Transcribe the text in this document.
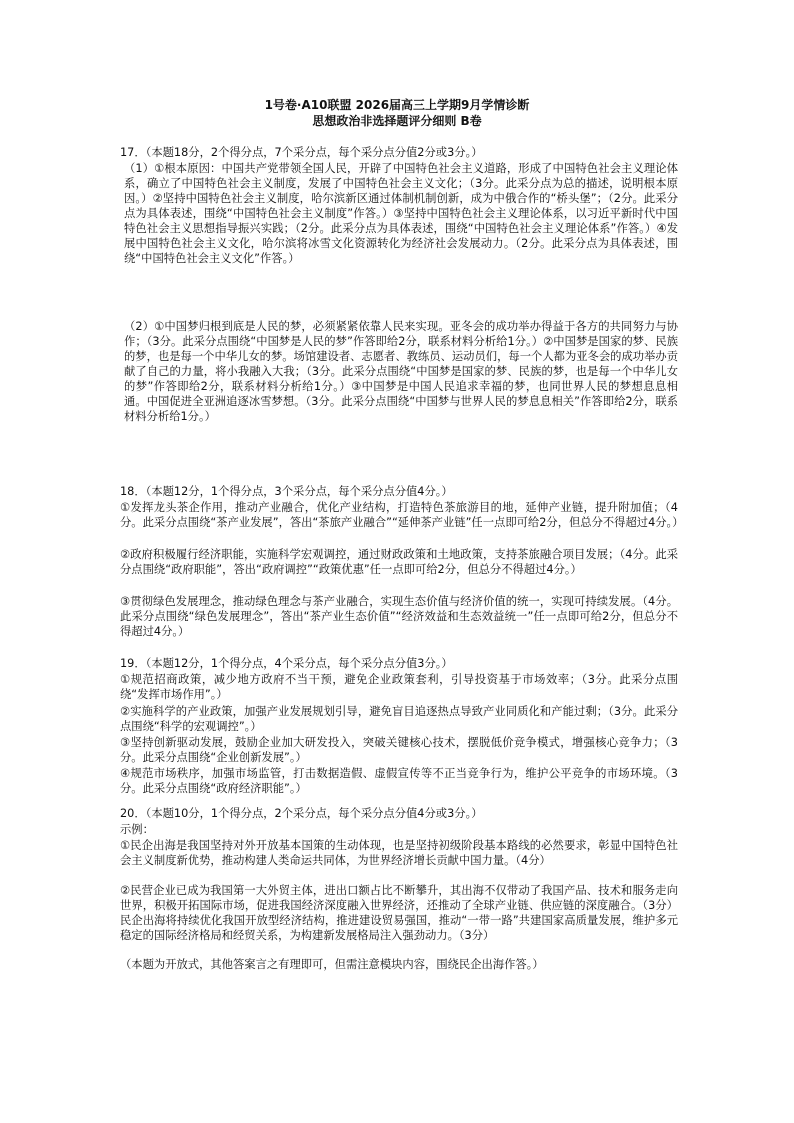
1号卷·A10联盟 2026届高三上学期9月学情诊断
思想政治非选择题评分细则 B卷
17．（本题18分，2个得分点，7个采分点，每个采分点分值2分或3分。）

（1）①根本原因：中国共产党带领全国人民，开辟了中国特色社会主义道路，形成了中国特色社会主义理论体系，确立了中国特色社会主义制度，发展了中国特色社会主义文化；（3分。此采分点为总的描述，说明根本原因。）②坚持中国特色社会主义制度，哈尔滨新区通过体制机制创新，成为中俄合作的“桥头堡”；（2分。此采分点为具体表述，围绕“中国特色社会主义制度”作答。）③坚持中国特色社会主义理论体系，以习近平新时代中国特色社会主义思想指导振兴实践；（2分。此采分点为具体表述，围绕“中国特色社会主义理论体系”作答。）④发展中国特色社会主义文化，哈尔滨将冰雪文化资源转化为经济社会发展动力。（2分。此采分点为具体表述，围绕“中国特色社会主义文化”作答。）

（2）①中国梦归根到底是人民的梦，必须紧紧依靠人民来实现。亚冬会的成功举办得益于各方的共同努力与协作；（3分。此采分点围绕“中国梦是人民的梦”作答即给2分，联系材料分析给1分。）②中国梦是国家的梦、民族的梦，也是每一个中华儿女的梦。场馆建设者、志愿者、教练员、运动员们，每一个人都为亚冬会的成功举办贡献了自己的力量，将小我融入大我；（3分。此采分点围绕“中国梦是国家的梦、民族的梦，也是每一个中华儿女的梦”作答即给2分，联系材料分析给1分。）③中国梦是中国人民追求幸福的梦，也同世界人民的梦想息息相通。中国促进全亚洲追逐冰雪梦想。（3分。此采分点围绕“中国梦与世界人民的梦息息相关”作答即给2分，联系材料分析给1分。）

18．（本题12分，1个得分点，3个采分点，每个采分点分值4分。）

①发挥龙头茶企作用，推动产业融合，优化产业结构，打造特色茶旅游目的地，延伸产业链，提升附加值；（4分。此采分点围绕“茶产业发展”，答出“茶旅产业融合”“延伸茶产业链”任一点即可给2分，但总分不得超过4分。）

②政府积极履行经济职能，实施科学宏观调控，通过财政政策和土地政策，支持茶旅融合项目发展；（4分。此采分点围绕“政府职能”，答出“政府调控”“政策优惠”任一点即可给2分，但总分不得超过4分。）

③贯彻绿色发展理念，推动绿色理念与茶产业融合，实现生态价值与经济价值的统一，实现可持续发展。（4分。此采分点围绕“绿色发展理念”，答出“茶产业生态价值”“经济效益和生态效益统一”任一点即可给2分，但总分不得超过4分。）

19．（本题12分，1个得分点，4个采分点，每个采分点分值3分。）

①规范招商政策，减少地方政府不当干预，避免企业政策套利，引导投资基于市场效率；（3分。此采分点围绕“发挥市场作用”。）

②实施科学的产业政策，加强产业发展规划引导，避免盲目追逐热点导致产业同质化和产能过剩；（3分。此采分点围绕“科学的宏观调控”。）

③坚持创新驱动发展，鼓励企业加大研发投入，突破关键核心技术，摆脱低价竞争模式，增强核心竞争力；（3分。此采分点围绕“企业创新发展”。）

④规范市场秩序，加强市场监管，打击数据造假、虚假宣传等不正当竞争行为，维护公平竞争的市场环境。（3分。此采分点围绕“政府经济职能”。）

20．（本题10分，1个得分点，2个采分点，每个采分点分值4分或3分。）
示例：

①民企出海是我国坚持对外开放基本国策的生动体现，也是坚持初级阶段基本路线的必然要求，彰显中国特色社会主义制度新优势，推动构建人类命运共同体，为世界经济增长贡献中国力量。（4分）

②民营企业已成为我国第一大外贸主体，进出口额占比不断攀升，其出海不仅带动了我国产品、技术和服务走向世界，积极开拓国际市场，促进我国经济深度融入世界经济，还推动了全球产业链、供应链的深度融合。（3分）民企出海将持续优化我国开放型经济结构，推进建设贸易强国，推动“一带一路”共建国家高质量发展，维护多元稳定的国际经济格局和经贸关系，为构建新发展格局注入强劲动力。（3分）

（本题为开放式，其他答案言之有理即可，但需注意模块内容，围绕民企出海作答。）
